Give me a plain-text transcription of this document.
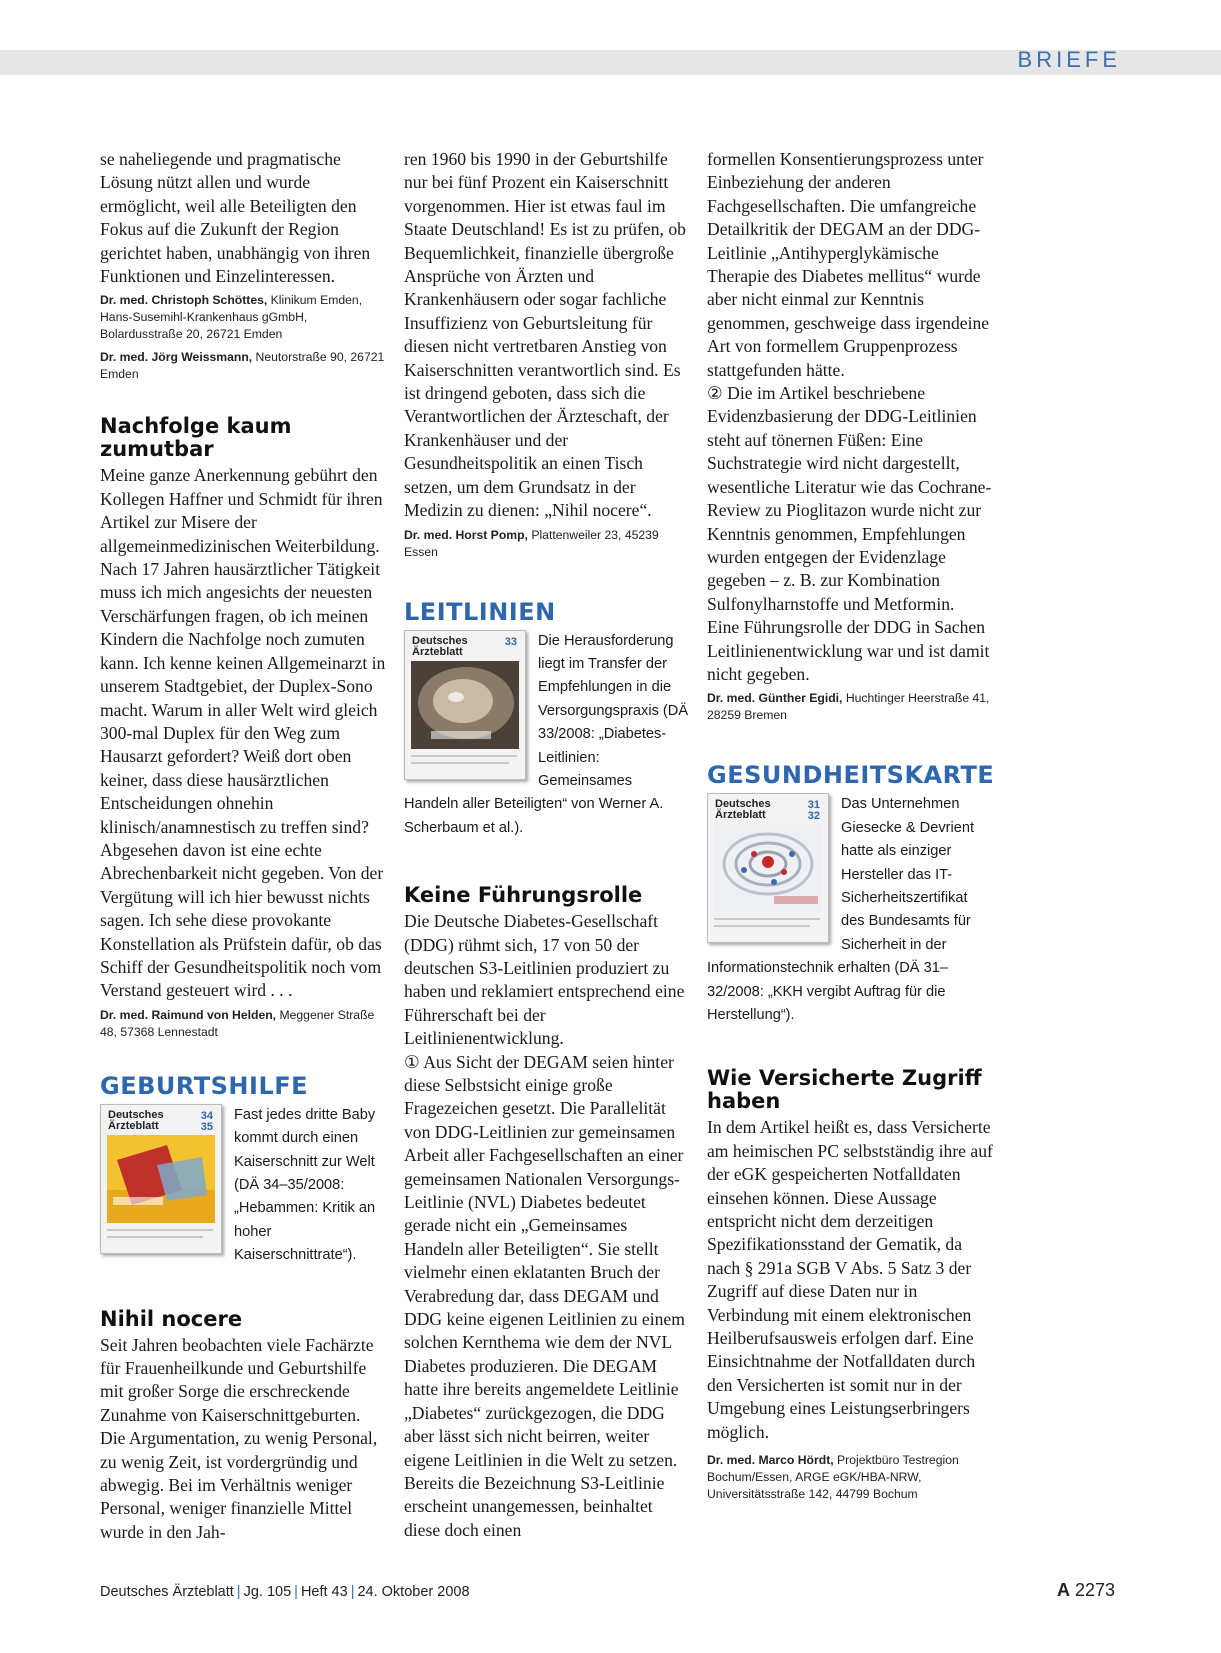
BRIEFE

se naheliegende und pragmatische Lösung nützt allen und wurde ermöglicht, weil alle Beteiligten den Fokus auf die Zukunft der Region gerichtet haben, unabhängig von ihren Funktionen und Einzelinteressen.

Dr. med. Christoph Schöttes, Klinikum Emden, Hans-Susemihl-Krankenhaus gGmbH, Bolardusstraße 20, 26721 Emden

Dr. med. Jörg Weissmann, Neutorstraße 90, 26721 Emden

Nachfolge kaum zumutbar

Meine ganze Anerkennung gebührt den Kollegen Haffner und Schmidt für ihren Artikel zur Misere der allgemeinmedizinischen Weiterbildung. Nach 17 Jahren hausärztlicher Tätigkeit muss ich mich angesichts der neuesten Verschärfungen fragen, ob ich meinen Kindern die Nachfolge noch zumuten kann. Ich kenne keinen Allgemeinarzt in unserem Stadtgebiet, der Duplex-Sono macht. Warum in aller Welt wird gleich 300-mal Duplex für den Weg zum Hausarzt gefordert? Weiß dort oben keiner, dass diese hausärztlichen Entscheidungen ohnehin klinisch/anamnestisch zu treffen sind? Abgesehen davon ist eine echte Abrechenbarkeit nicht gegeben. Von der Vergütung will ich hier bewusst nichts sagen. Ich sehe diese provokante Konstellation als Prüfstein dafür, ob das Schiff der Gesundheitspolitik noch vom Verstand gesteuert wird . . .

Dr. med. Raimund von Helden, Meggener Straße 48, 57368 Lennestadt

GEBURTSHILFE
Deutsches
Ärzteblatt
34
35
Fast jedes dritte Baby kommt durch einen Kaiserschnitt zur Welt (DÄ 34–35/2008: „Hebammen: Kritik an hoher Kaiserschnittrate“).
Nihil nocere

Seit Jahren beobachten viele Fachärzte für Frauenheilkunde und Geburtshilfe mit großer Sorge die erschreckende Zunahme von Kaiserschnittgeburten. Die Argumentation, zu wenig Personal, zu wenig Zeit, ist vordergründig und abwegig. Bei im Verhältnis weniger Personal, weniger finanzielle Mittel wurde in den Jah-

ren 1960 bis 1990 in der Geburtshilfe nur bei fünf Prozent ein Kaiserschnitt vorgenommen. Hier ist etwas faul im Staate Deutschland! Es ist zu prüfen, ob Bequemlichkeit, finanzielle übergroße Ansprüche von Ärzten und Krankenhäusern oder sogar fachliche Insuffizienz von Geburtsleitung für diesen nicht vertretbaren Anstieg von Kaiserschnitten verantwortlich sind. Es ist dringend geboten, dass sich die Verantwortlichen der Ärzteschaft, der Krankenhäuser und der Gesundheitspolitik an einen Tisch setzen, um dem Grundsatz in der Medizin zu dienen: „Nihil nocere“.

Dr. med. Horst Pomp, Plattenweiler 23, 45239 Essen

LEITLINIEN
Deutsches
Ärzteblatt
33 Die Herausforderung liegt im Transfer der Empfehlungen in die Versorgungspraxis (DÄ 33/2008: „Diabetes-Leitlinien: Gemeinsames Handeln aller Beteiligten“ von Werner A. Scherbaum et al.).
Keine Führungsrolle

Die Deutsche Diabetes-Gesellschaft (DDG) rühmt sich, 17 von 50 der deutschen S3-Leitlinien produziert zu haben und reklamiert entsprechend eine Führerschaft bei der Leitlinienentwicklung.
① Aus Sicht der DEGAM seien hinter diese Selbstsicht einige große Fragezeichen gesetzt. Die Parallelität von DDG-Leitlinien zur gemeinsamen Arbeit aller Fachgesellschaften an einer gemeinsamen Nationalen Versorgungs-Leitlinie (NVL) Diabetes bedeutet gerade nicht ein „Gemeinsames Handeln aller Beteiligten“. Sie stellt vielmehr einen eklatanten Bruch der Verabredung dar, dass DEGAM und DDG keine eigenen Leitlinien zu einem solchen Kernthema wie dem der NVL Diabetes produzieren. Die DEGAM hatte ihre bereits angemeldete Leitlinie „Diabetes“ zurückgezogen, die DDG aber lässt sich nicht beirren, weiter eigene Leitlinien in die Welt zu setzen. Bereits die Bezeichnung S3-Leitlinie erscheint unangemessen, beinhaltet diese doch einen

formellen Konsentierungsprozess unter Einbeziehung der anderen Fachgesellschaften. Die umfangreiche Detailkritik der DEGAM an der DDG-Leitlinie „Antihyperglykämische Therapie des Diabetes mellitus“ wurde aber nicht einmal zur Kenntnis genommen, geschweige dass irgendeine Art von formellem Gruppenprozess stattgefunden hätte.
② Die im Artikel beschriebene Evidenzbasierung der DDG-Leitlinien steht auf tönernen Füßen: Eine Suchstrategie wird nicht dargestellt, wesentliche Literatur wie das Cochrane-Review zu Pioglitazon wurde nicht zur Kenntnis genommen, Empfehlungen wurden entgegen der Evidenzlage gegeben – z. B. zur Kombination Sulfonylharnstoffe und Metformin.
Eine Führungsrolle der DDG in Sachen Leitlinienentwicklung war und ist damit nicht gegeben.

Dr. med. Günther Egidi, Huchtinger Heerstraße 41, 28259 Bremen

GESUNDHEITSKARTE
Deutsches
Ärzteblatt
31
32
Das Unternehmen Giesecke & Devrient hatte als einziger Hersteller das IT-Sicherheitszertifikat des Bundesamts für Sicherheit in der Informationstechnik erhalten (DÄ 31–32/2008: „KKH vergibt Auftrag für die Herstellung“).
Wie Versicherte Zugriff haben

In dem Artikel heißt es, dass Versicherte am heimischen PC selbstständig ihre auf der eGK gespeicherten Notfalldaten einsehen können. Diese Aussage entspricht nicht dem derzeitigen Spezifikationsstand der Gematik, da nach § 291a SGB V Abs. 5 Satz 3 der Zugriff auf diese Daten nur in Verbindung mit einem elektronischen Heilberufsausweis erfolgen darf. Eine Einsichtnahme der Notfalldaten durch den Versicherten ist somit nur in der Umgebung eines Leistungserbringers möglich.

Dr. med. Marco Hördt, Projektbüro Testregion Bochum/Essen, ARGE eGK/HBA-NRW, Universitätsstraße 142, 44799 Bochum

Deutsches Ärzteblatt | Jg. 105 | Heft 43 | 24. Oktober 2008	A 2273
